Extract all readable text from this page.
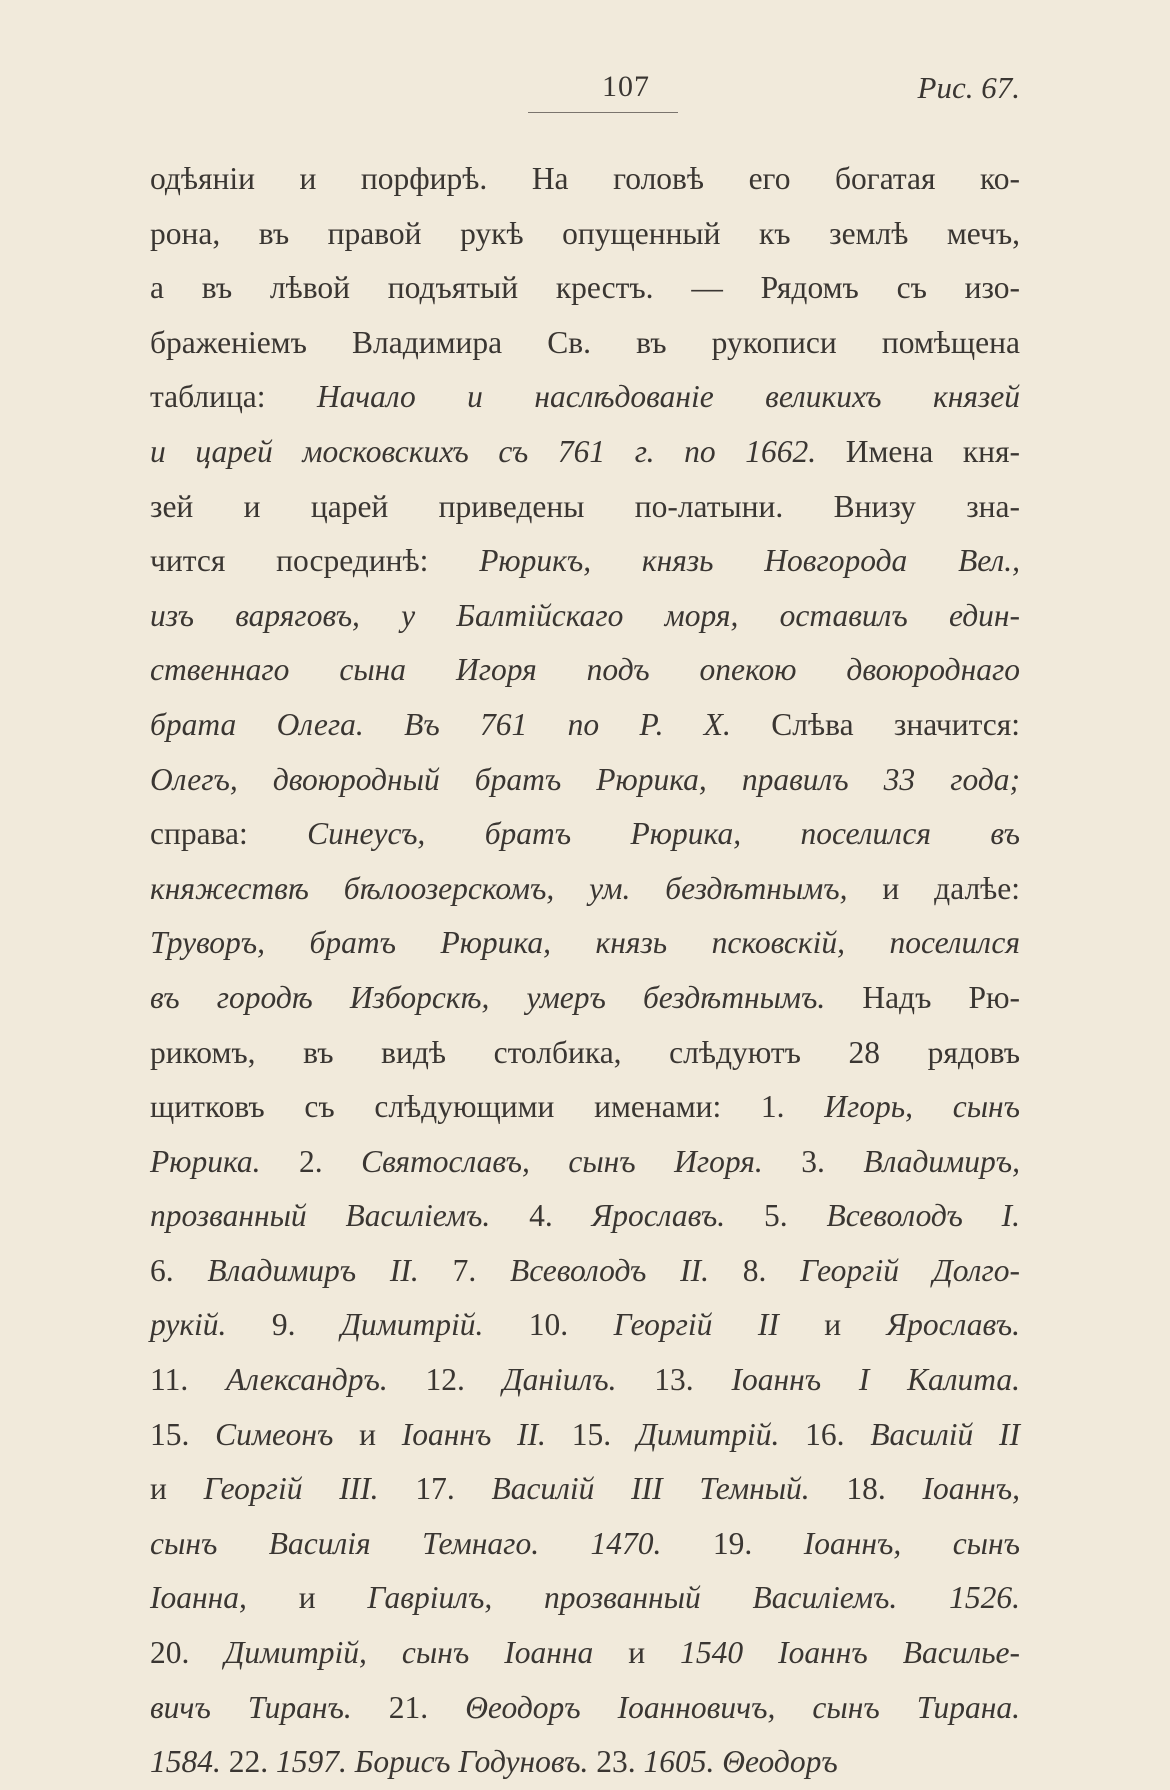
107	Рис. 67.
одѣяніи и порфирѣ. На головѣ его богатая ко-
рона, въ правой рукѣ опущенный къ землѣ мечъ,
а въ лѣвой подъятый крестъ. — Рядомъ съ изо-
браженіемъ Владимира Св. въ рукописи помѣщена
таблица: Начало и наслѣдованіе великихъ князей
и царей московскихъ съ 761 г. по 1662. Имена кня-
зей и царей приведены по-латыни. Внизу зна-
чится посрединѣ: Рюрикъ, князь Новгорода Вел.,
изъ варяговъ, у Балтійскаго моря, оставилъ един-
ственнаго сына Игоря подъ опекою двоюроднаго
брата Олега. Въ 761 по Р. Х. Слѣва значится:
Олегъ, двоюродный братъ Рюрика, правилъ 33 года;
справа: Синеусъ, братъ Рюрика, поселился въ
княжествѣ бѣлоозерскомъ, ум. бездѣтнымъ, и далѣе:
Труворъ, братъ Рюрика, князь псковскій, поселился
въ городѣ Изборскѣ, умеръ бездѣтнымъ. Надъ Рю-
рикомъ, въ видѣ столбика, слѣдуютъ 28 рядовъ
щитковъ съ слѣдующими именами: 1. Игорь, сынъ
Рюрика. 2. Святославъ, сынъ Игоря. 3. Владимиръ,
прозванный Василіемъ. 4. Ярославъ. 5. Всеволодъ I.
6. Владимиръ II. 7. Всеволодъ II. 8. Георгій Долго-
рукій. 9. Димитрій. 10. Георгій II и Ярославъ.
11. Александръ. 12. Даніилъ. 13. Іоаннъ I Калита.
15. Симеонъ и Іоаннъ II. 15. Димитрій. 16. Василій II
и Георгій III. 17. Василій III Темный. 18. Іоаннъ,
сынъ Василія Темнаго. 1470. 19. Іоаннъ, сынъ
Іоанна, и Гавріилъ, прозванный Василіемъ. 1526.
20. Димитрій, сынъ Іоанна и 1540 Іоаннъ Василье-
вичъ Тиранъ. 21. Θеодоръ Іоанновичъ, сынъ Тирана.
1584. 22. 1597. Борисъ Годуновъ. 23. 1605. Θеодоръ
